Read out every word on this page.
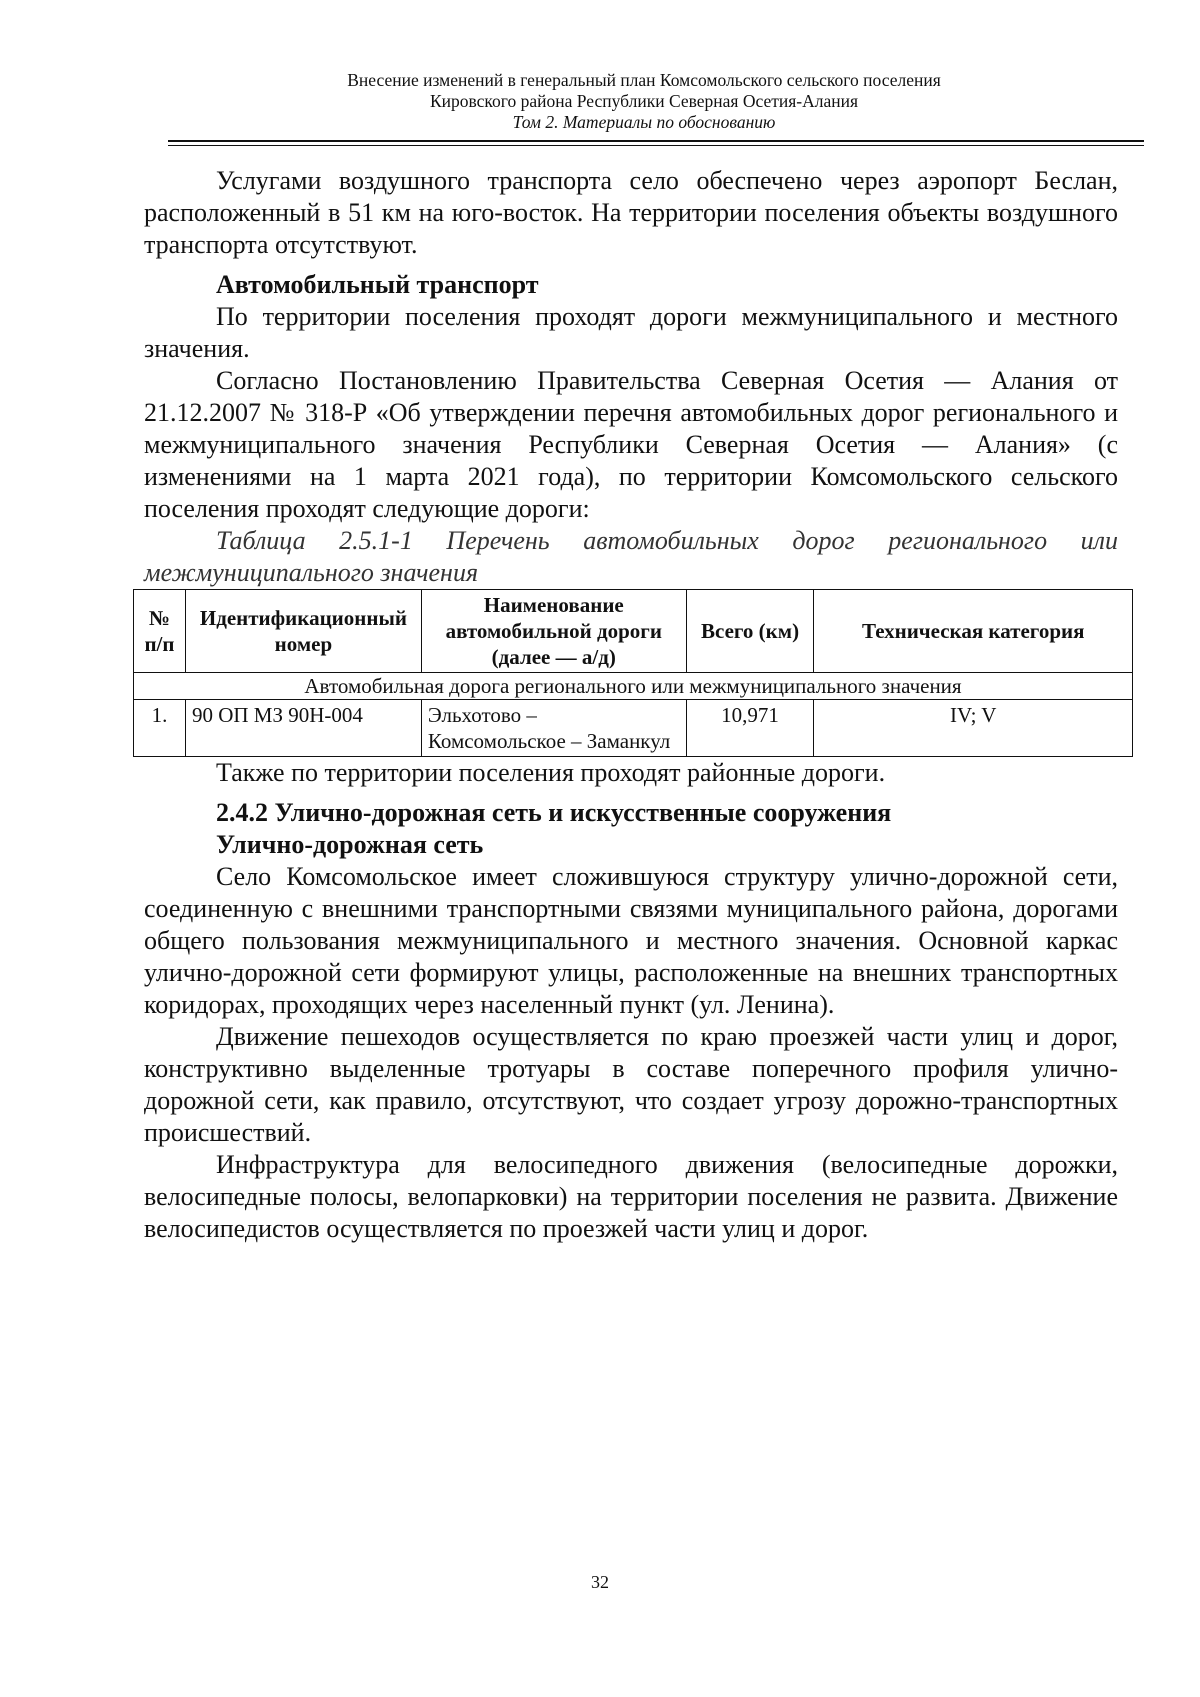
Внесение изменений в генеральный план Комсомольского сельского поселения
Кировского района Республики Северная Осетия-Алания
Том 2. Материалы по обоснованию

Услугами воздушного транспорта село обеспечено через аэропорт Беслан, расположенный в 51 км на юго-восток. На территории поселения объекты воздушного транспорта отсутствуют.

Автомобильный транспорт

По территории поселения проходят дороги межмуниципального и местного значения.

Согласно Постановлению Правительства Северная Осетия — Алания от 21.12.2007 № 318-Р «Об утверждении перечня автомобильных дорог регионального и межмуниципального значения Республики Северная Осетия — Алания» (с изменениями на 1 марта 2021 года), по территории Комсомольского сельского поселения проходят следующие дороги:

Таблица 2.5.1-1 Перечень автомобильных дорог регионального или межмуниципального значения

№ п/п	Идентификационный номер	Наименование автомобильной дороги (далее — а/д)	Всего (км)	Техническая категория
Автомобильная дорога регионального или межмуниципального значения				
1.	90 ОП МЗ 90Н-004	Эльхотово – Комсомольское – Заманкул	10,971	IV; V

Также по территории поселения проходят районные дороги.

2.4.2 Улично-дорожная сеть и искусственные сооружения
Улично-дорожная сеть

Село Комсомольское имеет сложившуюся структуру улично-дорожной сети, соединенную с внешними транспортными связями муниципального района, дорогами общего пользования межмуниципального и местного значения. Основной каркас улично-дорожной сети формируют улицы, расположенные на внешних транспортных коридорах, проходящих через населенный пункт (ул. Ленина).

Движение пешеходов осуществляется по краю проезжей части улиц и дорог, конструктивно выделенные тротуары в составе поперечного профиля улично-дорожной сети, как правило, отсутствуют, что создает угрозу дорожно-транспортных происшествий.

Инфраструктура для велосипедного движения (велосипедные дорожки, велосипедные полосы, велопарковки) на территории поселения не развита. Движение велосипедистов осуществляется по проезжей части улиц и дорог.

32
